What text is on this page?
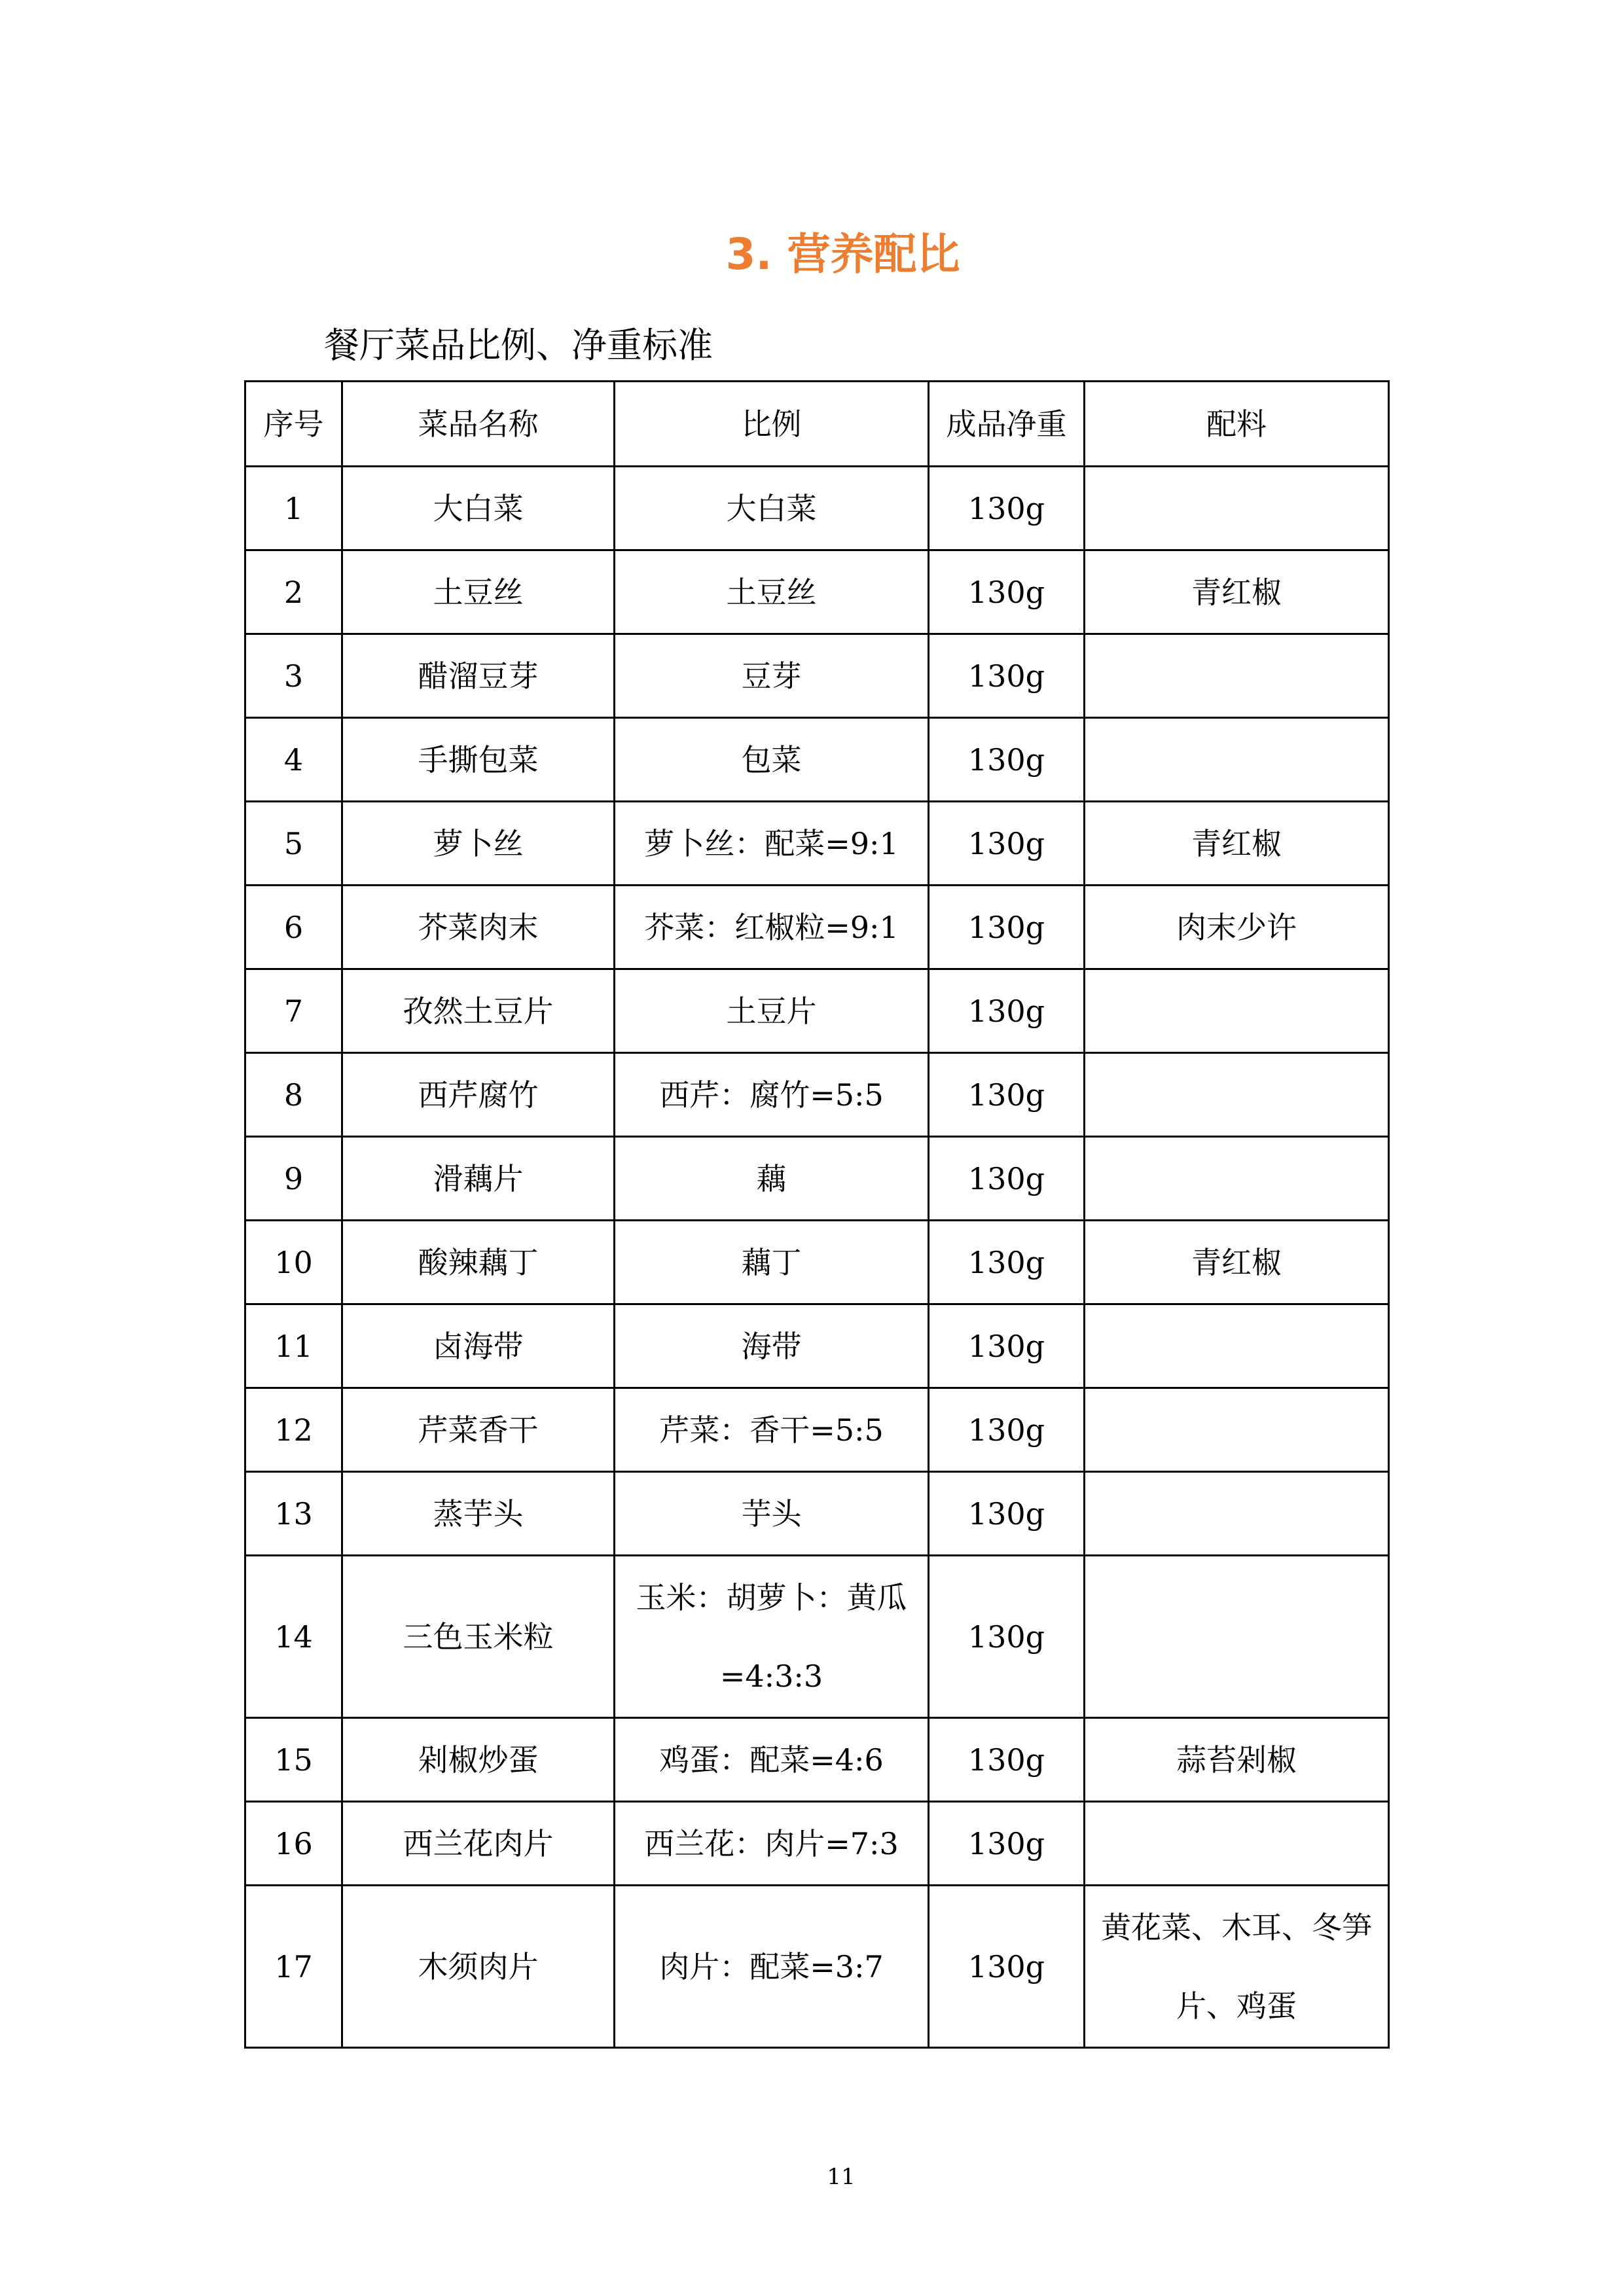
3. 营养配比
餐厅菜品比例、净重标准
序号	菜品名称	比例	成品净重	配料
1	大白菜	大白菜	130g	
2	土豆丝	土豆丝	130g	青红椒
3	醋溜豆芽	豆芽	130g	
4	手撕包菜	包菜	130g	
5	萝卜丝	萝卜丝：配菜=9:1	130g	青红椒
6	芥菜肉末	芥菜：红椒粒=9:1	130g	肉末少许
7	孜然土豆片	土豆片	130g	
8	西芹腐竹	西芹：腐竹=5:5	130g	
9	滑藕片	藕	130g	
10	酸辣藕丁	藕丁	130g	青红椒
11	卤海带	海带	130g	
12	芹菜香干	芹菜：香干=5:5	130g	
13	蒸芋头	芋头	130g	
14	三色玉米粒	玉米：胡萝卜：黄瓜=4:3:3	130g	
15	剁椒炒蛋	鸡蛋：配菜=4:6	130g	蒜苔剁椒
16	西兰花肉片	西兰花：肉片=7:3	130g	
17	木须肉片	肉片：配菜=3:7	130g	黄花菜、木耳、冬笋片、鸡蛋
11
